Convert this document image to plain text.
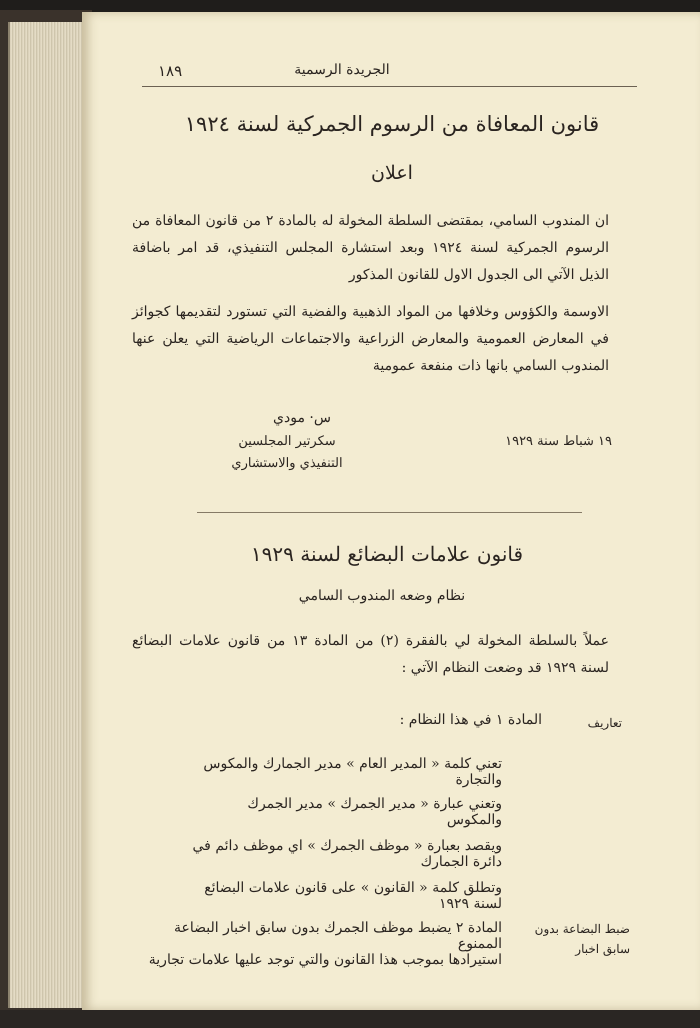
١٨٩	الجريدة الرسمية
قانون المعافاة من الرسوم الجمركية لسنة ١٩٢٤
اعلان
ان المندوب السامي، بمقتضى السلطة المخولة له بالمادة ٢ من قانون المعافاة من الرسوم الجمركية لسنة ١٩٢٤ وبعد استشارة المجلس التنفيذي، قد امر باضافة الذيل الآتي الى الجدول الاول للقانون المذكور
الاوسمة والكؤوس وخلافها من المواد الذهبية والفضية التي تستورد لتقديمها كجوائز في المعارض العمومية والمعارض الزراعية والاجتماعات الرياضية التي يعلن عنها المندوب السامي بانها ذات منفعة عمومية
س· مودي
سكرتير المجلسين
التنفيذي والاستشاري
١٩ شباط سنة ١٩٢٩
قانون علامات البضائع لسنة ١٩٢٩
نظام وضعه المندوب السامي
عملاً بالسلطة المخولة لي بالفقرة (٢) من المادة ١٣ من قانون علامات البضائع لسنة ١٩٢٩ قد وضعت النظام الآتي :
تعاريف
المادة ١ في هذا النظام :
تعني كلمة « المدير العام » مدير الجمارك والمكوس والتجارة
وتعني عبارة « مدير الجمرك » مدير الجمرك والمكوس
ويقصد بعبارة « موظف الجمرك » اي موظف دائم في دائرة الجمارك
وتطلق كلمة « القانون » على قانون علامات البضائع لسنة ١٩٢٩
ضبط البضاعة بدون
سابق اخبار
المادة ٢ يضبط موظف الجمرك بدون سابق اخبار البضاعة الممنوع
استيرادها بموجب هذا القانون والتي توجد عليها علامات تجارية
